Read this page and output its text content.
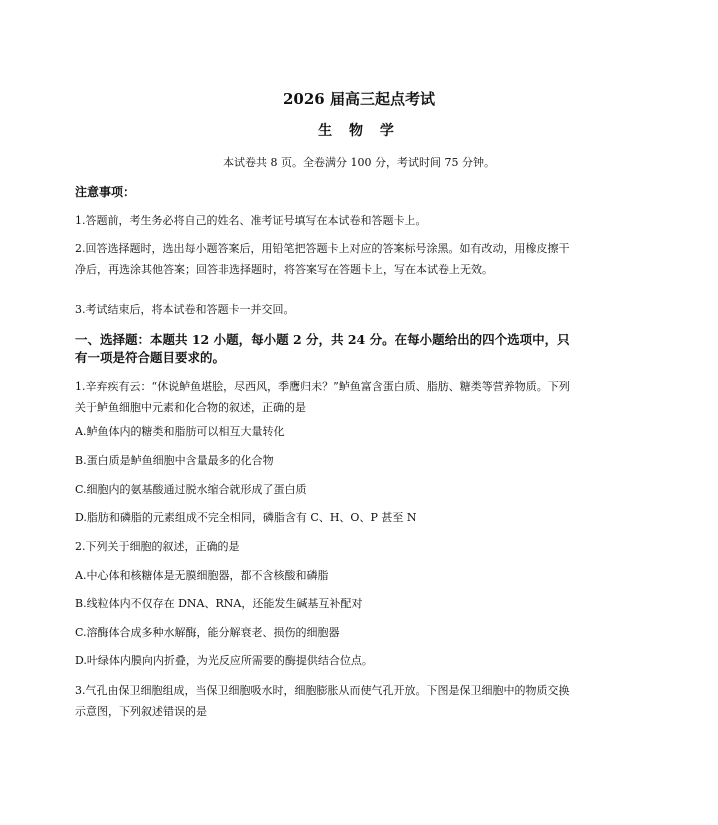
2026 届高三起点考试
生 物 学
本试卷共 8 页。全卷满分 100 分，考试时间 75 分钟。
注意事项：
1.答题前，考生务必将自己的姓名、准考证号填写在本试卷和答题卡上。
2.回答选择题时，选出每小题答案后，用铅笔把答题卡上对应的答案标号涂黑。如有改动，用橡皮擦干净后，再选涂其他答案；回答非选择题时，将答案写在答题卡上，写在本试卷上无效。
3.考试结束后，将本试卷和答题卡一并交回。
一、选择题：本题共 12 小题，每小题 2 分，共 24 分。在每小题给出的四个选项中，只有一项是符合题目要求的。
1.辛弃疾有云：“休说鲈鱼堪脍，尽西风，季鹰归未？”鲈鱼富含蛋白质、脂肪、糖类等营养物质。下列关于鲈鱼细胞中元素和化合物的叙述，正确的是
A.鲈鱼体内的糖类和脂肪可以相互大量转化
B.蛋白质是鲈鱼细胞中含量最多的化合物
C.细胞内的氨基酸通过脱水缩合就形成了蛋白质
D.脂肪和磷脂的元素组成不完全相同，磷脂含有 C、H、O、P 甚至 N
2.下列关于细胞的叙述，正确的是
A.中心体和核糖体是无膜细胞器，都不含核酸和磷脂
B.线粒体内不仅存在 DNA、RNA，还能发生碱基互补配对
C.溶酶体合成多种水解酶，能分解衰老、损伤的细胞器
D.叶绿体内膜向内折叠，为光反应所需要的酶提供结合位点。
3.气孔由保卫细胞组成，当保卫细胞吸水时，细胞膨胀从而使气孔开放。下图是保卫细胞中的物质交换示意图，下列叙述错误的是
